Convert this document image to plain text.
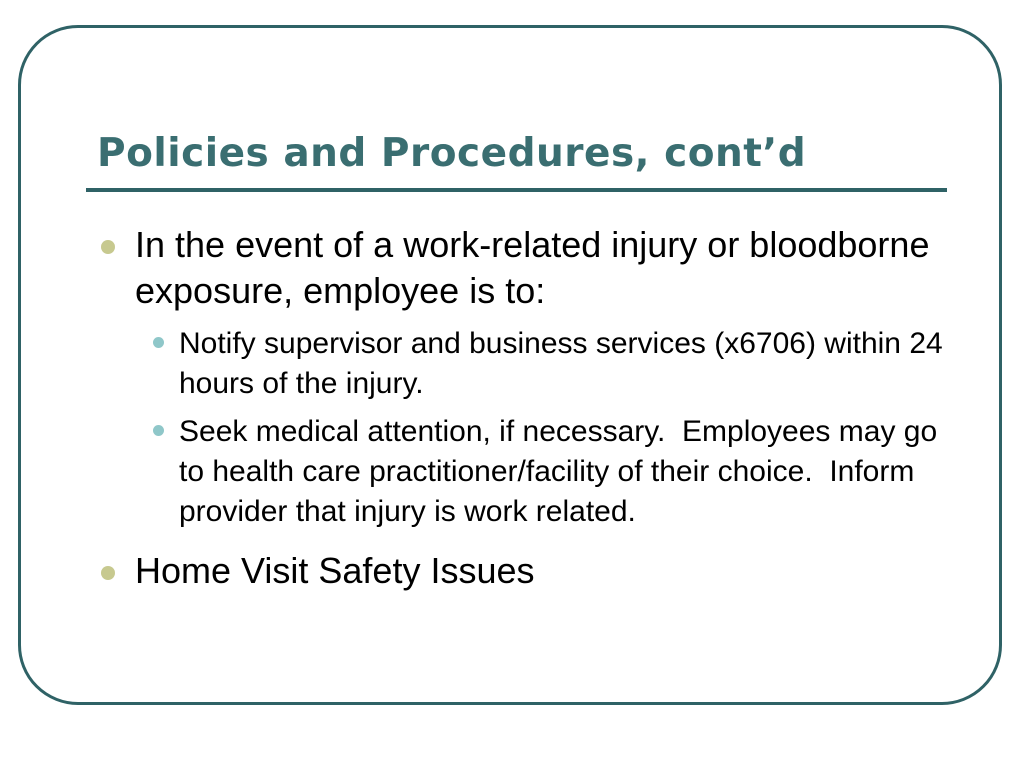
Policies and Procedures, cont’d

In the event of a work-related injury or bloodborne exposure, employee is to:

Notify supervisor and business services (x6706) within 24 hours of the injury.

Seek medical attention, if necessary.  Employees may go to health care practitioner/facility of their choice.  Inform provider that injury is work related.

Home Visit Safety Issues
